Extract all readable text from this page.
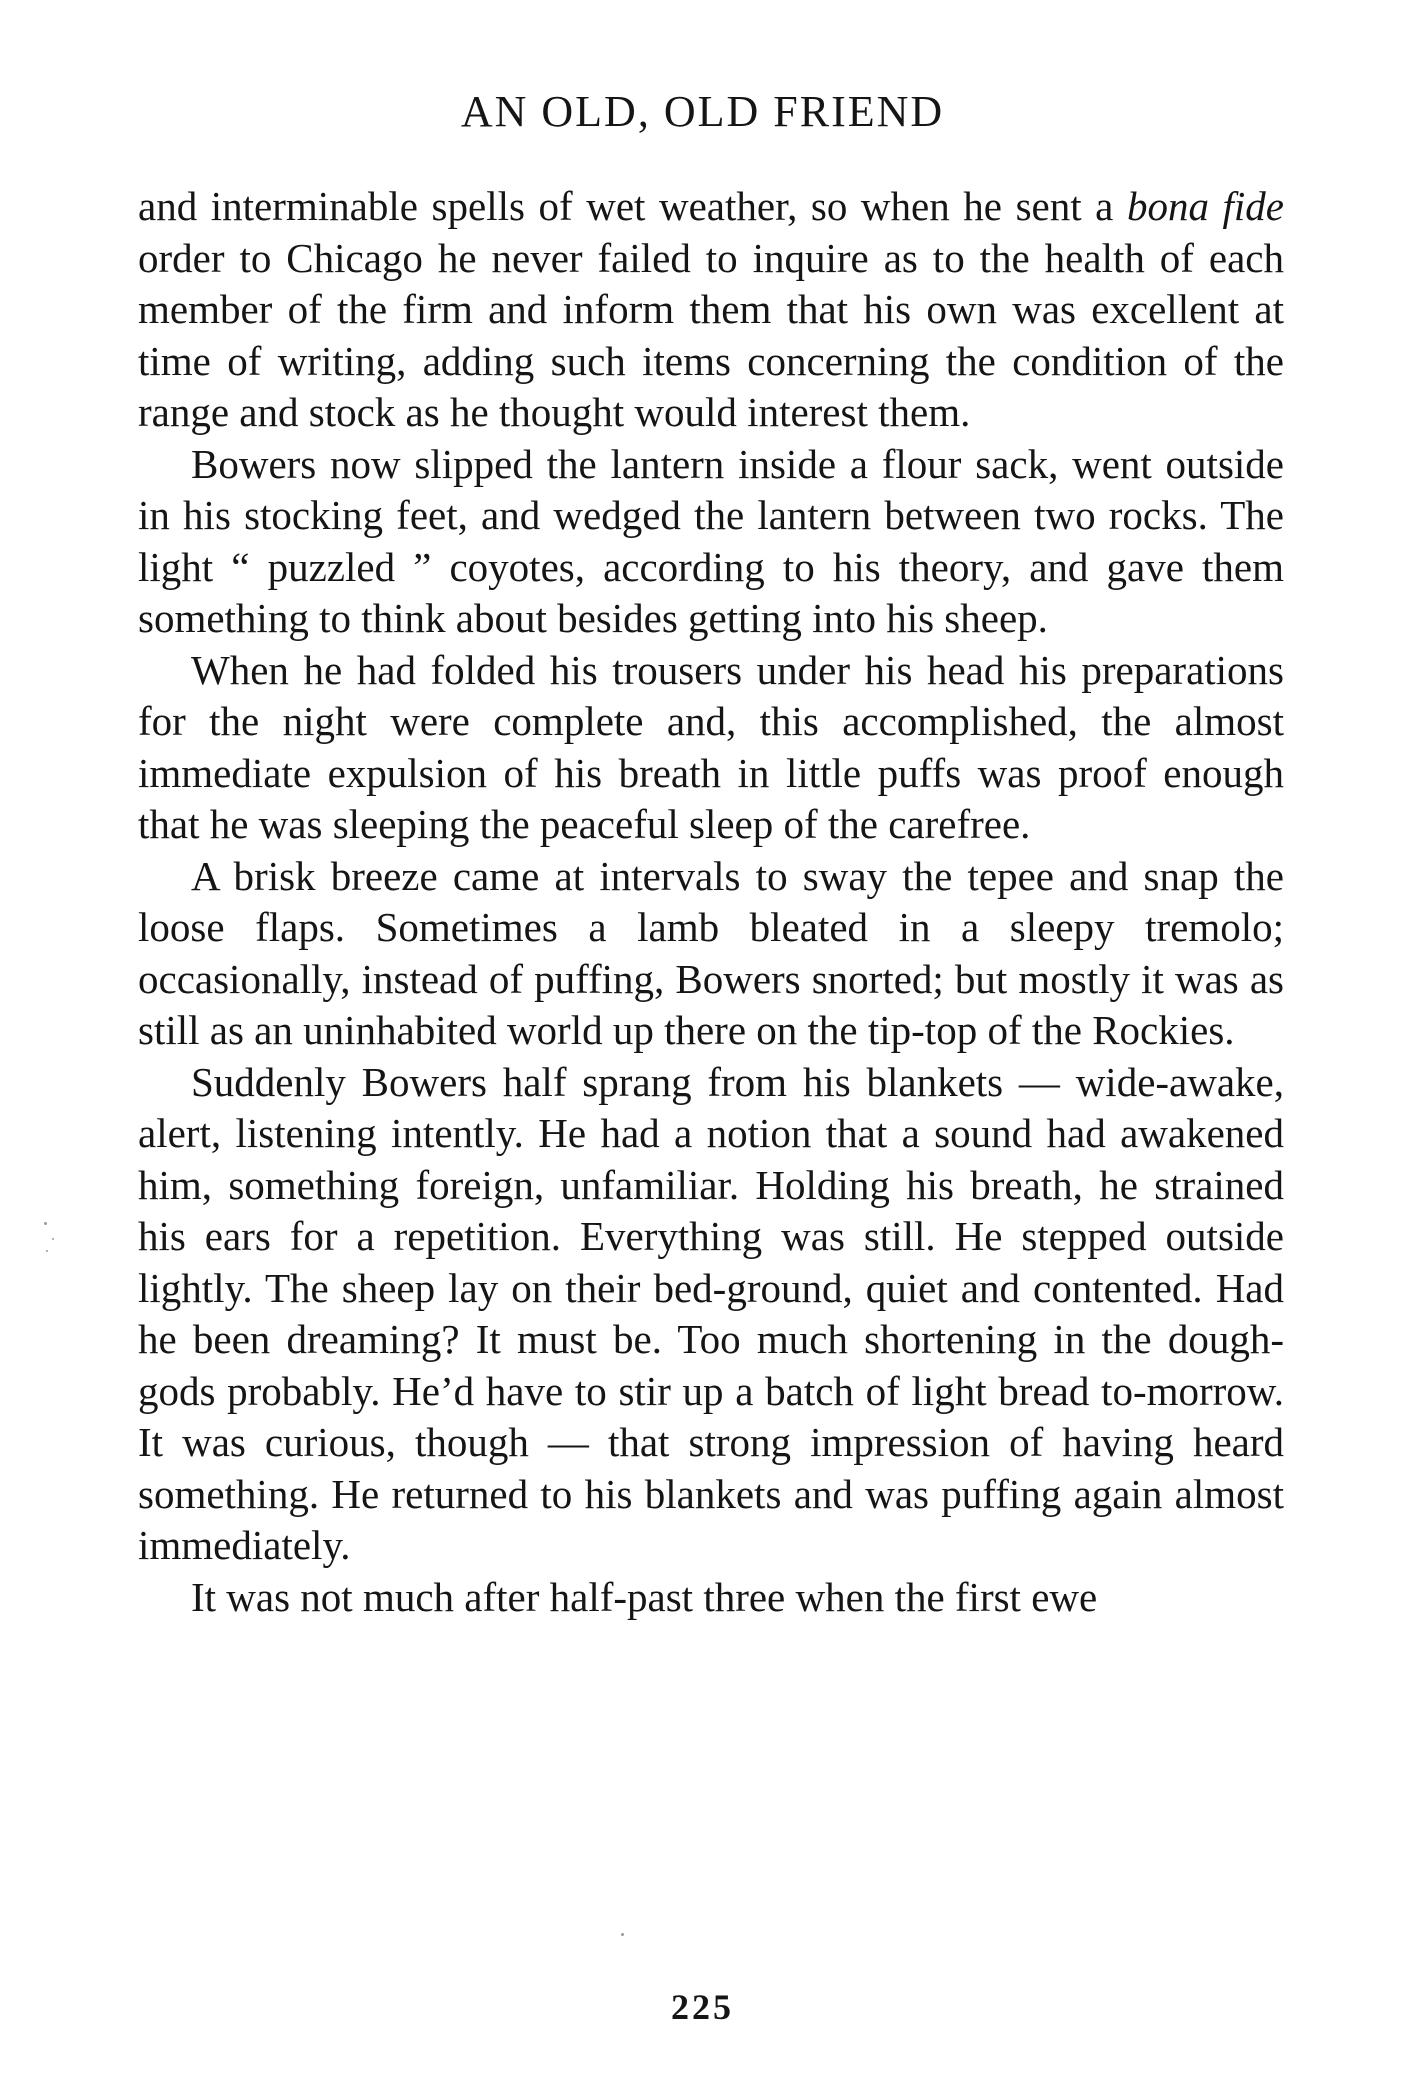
AN OLD, OLD FRIEND

and interminable spells of wet weather, so when he sent a bona fide order to Chicago he never failed to inquire as to the health of each member of the firm and inform them that his own was excellent at time of writing, adding such items concerning the condition of the range and stock as he thought would interest them.

Bowers now slipped the lantern inside a flour sack, went outside in his stocking feet, and wedged the lantern between two rocks. The light “ puzzled ” coyotes, according to his theory, and gave them something to think about besides getting into his sheep.

When he had folded his trousers under his head his preparations for the night were complete and, this accomplished, the almost immediate expulsion of his breath in little puffs was proof enough that he was sleeping the peaceful sleep of the carefree.

A brisk breeze came at intervals to sway the tepee and snap the loose flaps. Sometimes a lamb bleated in a sleepy tremolo; occasionally, instead of puffing, Bowers snorted; but mostly it was as still as an uninhabited world up there on the tip-top of the Rockies.

Suddenly Bowers half sprang from his blankets — wide-awake, alert, listening intently. He had a notion that a sound had awakened him, something foreign, unfamiliar. Holding his breath, he strained his ears for a repetition. Everything was still. He stepped outside lightly. The sheep lay on their bed-ground, quiet and contented. Had he been dreaming? It must be. Too much shortening in the dough-gods probably. He’d have to stir up a batch of light bread to-morrow. It was curious, though — that strong impression of having heard something. He returned to his blankets and was puffing again almost immediately.

It was not much after half-past three when the first ewe

225
